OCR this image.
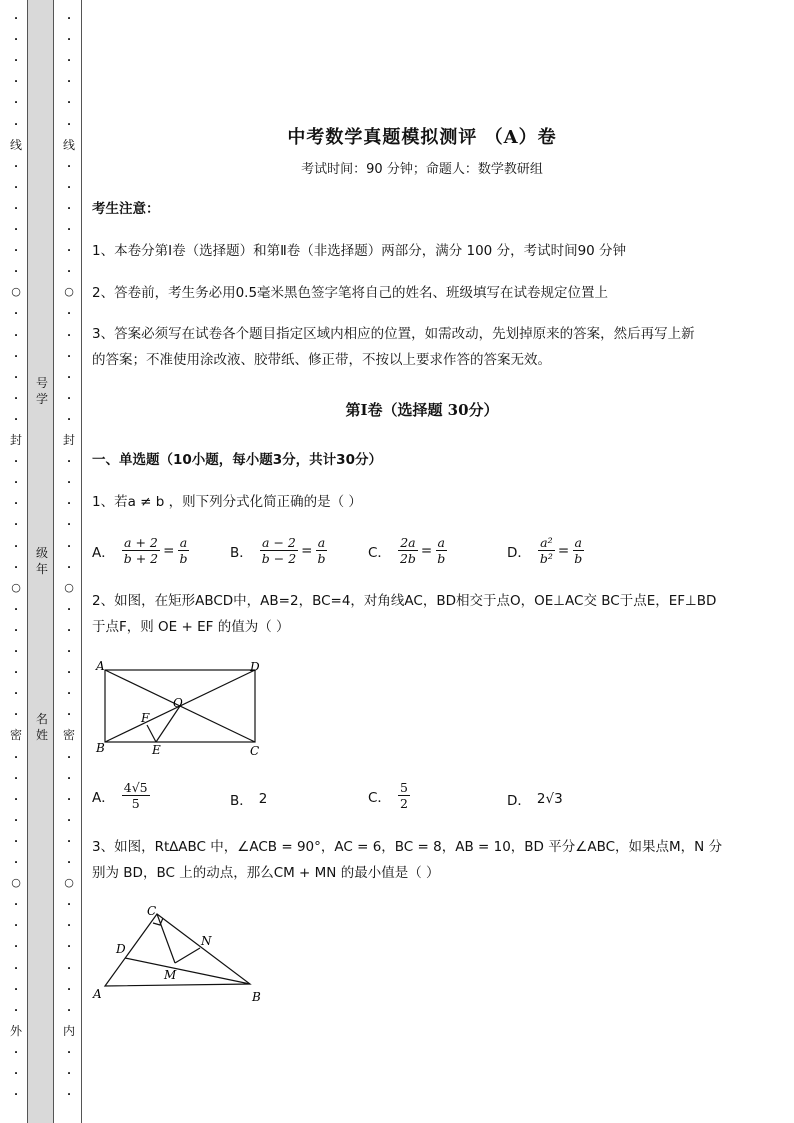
.
.
.
.
.
.
线
.
.
.
.
.
.
○
.
.
.
.
.
.
封
.
.
.
.
.
.
○
.
.
.
.
.
.
密
.
.
.
.
.
.
○
.
.
.
.
.
.
外
.
.
.
.
.
.
.
.
.
线
.
.
.
.
.
.
○
.
.
.
.
.
.
封
.
.
.
.
.
.
○
.
.
.
.
.
.
密
.
.
.
.
.
.
○
.
.
.
.
.
.
内
.
.
.
号
学
级
年
名
姓
中考数学真题模拟测评 （A）卷
考试时间：90 分钟；命题人：数学教研组
考生注意：
1、本卷分第Ⅰ卷（选择题）和第Ⅱ卷（非选择题）两部分，满分 100 分，考试时间90 分钟
2、答卷前，考生务必用0.5毫米黑色签字笔将自己的姓名、班级填写在试卷规定位置上
3、答案必须写在试卷各个题目指定区域内相应的位置，如需改动，先划掉原来的答案，然后再写上新
的答案；不准使用涂改液、胶带纸、修正带，不按以上要求作答的答案无效。
第Ⅰ卷（选择题 30分）
一、单选题（10小题，每小题3分，共计30分）
1、若a ≠ b ，则下列分式化简正确的是（ ）
A． $\frac{a + 2}{b + 2} = \frac{a}{b}$	B． $\frac{a - 2}{b - 2} = \frac{a}{b}$	C． $\frac{2a}{2b} = \frac{a}{b}$	D． $\frac{\text{a²}}{\text{b²}} = \frac{a}{b}$
2、如图，在矩形ABCD中，AB=2，BC=4，对角线AC，BD相交于点O，OE⊥AC交 BC于点E，EF⊥BD
于点F，则 OE + EF 的值为（ ）
A	D
B	C
O
E
F
A． $\frac{4√5}{5}$	B． 2	C． $\frac{5}{2}$	D． 2√3
3、如图，Rt∆ABC 中，∠ACB = 90°，AC = 6，BC = 8，AB = 10，BD 平分∠ABC，如果点M，N 分
别为 BD，BC 上的动点，那么CM + MN 的最小值是（ ）
C
D
A	B
N
M
